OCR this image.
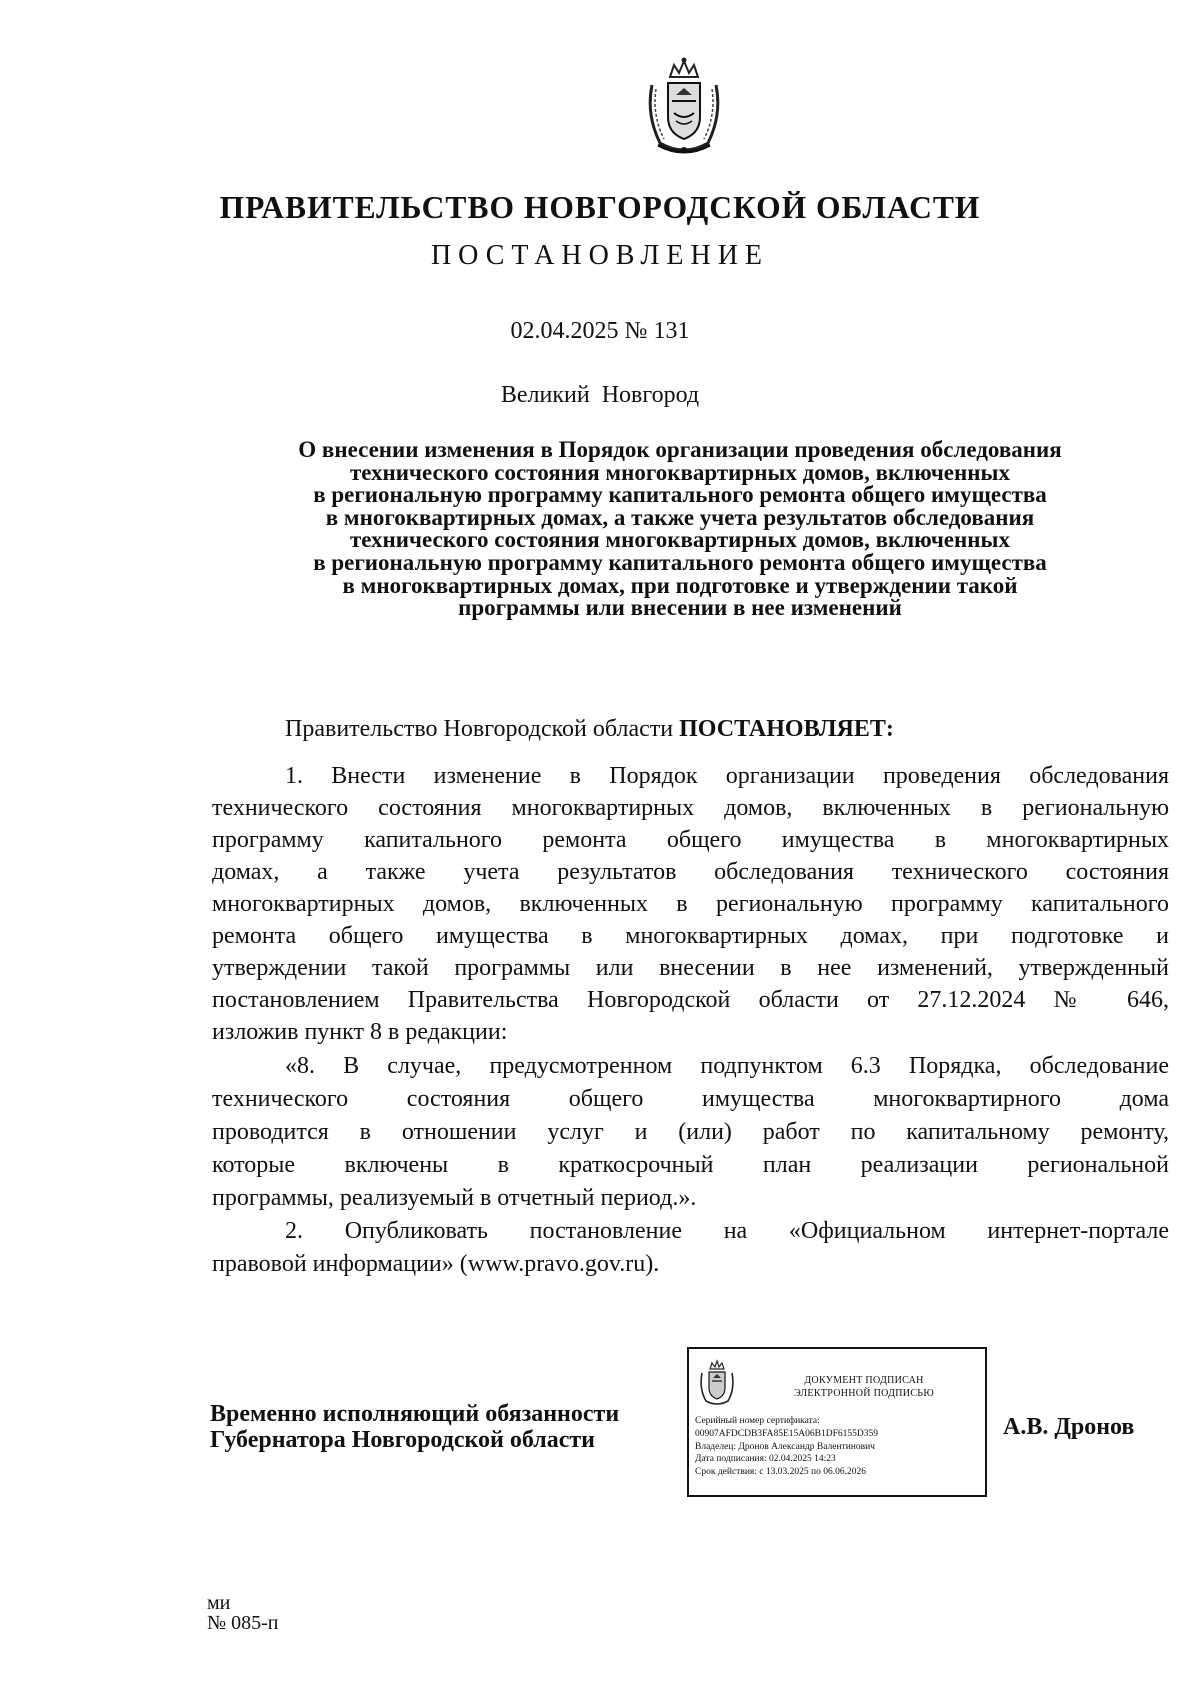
ПРАВИТЕЛЬСТВО НОВГОРОДСКОЙ ОБЛАСТИ
ПОСТАНОВЛЕНИЕ
02.04.2025 № 131
Великий Новгород
О внесении изменения в Порядок организации проведения обследования
технического состояния многоквартирных домов, включенных
в региональную программу капитального ремонта общего имущества
в многоквартирных домах, а также учета результатов обследования
технического состояния многоквартирных домов, включенных
в региональную программу капитального ремонта общего имущества
в многоквартирных домах, при подготовке и утверждении такой
программы или внесении в нее изменений
Правительство Новгородской области ПОСТАНОВЛЯЕТ:
1. Внести изменение в Порядок организации проведения обследования
технического состояния многоквартирных домов, включенных в региональную
программу капитального ремонта общего имущества в многоквартирных
домах, а также учета результатов обследования технического состояния
многоквартирных домов, включенных в региональную программу капитального
ремонта общего имущества в многоквартирных домах, при подготовке и
утверждении такой программы или внесении в нее изменений, утвержденный
постановлением Правительства Новгородской области от 27.12.2024 № 646,
изложив пункт 8 в редакции:
«8. В случае, предусмотренном подпунктом 6.3 Порядка, обследование
технического состояния общего имущества многоквартирного дома
проводится в отношении услуг и (или) работ по капитальному ремонту,
которые включены в краткосрочный план реализации региональной
программы, реализуемый в отчетный период.».
2. Опубликовать постановление на «Официальном интернет-портале
правовой информации» (www.pravo.gov.ru).
Временно исполняющий обязанности
Губернатора Новгородской области
ДОКУМЕНТ ПОДПИСАН
ЭЛЕКТРОННОЙ ПОДПИСЬЮ
Серийный номер сертификата:
00907AFDCDB3FA85E15A06B1DF6155D359
Владелец: Дронов Александр Валентинович
Дата подписания: 02.04.2025 14:23
Срок действия: с 13.03.2025 по 06.06.2026
А.В. Дронов
ми
№ 085-п
